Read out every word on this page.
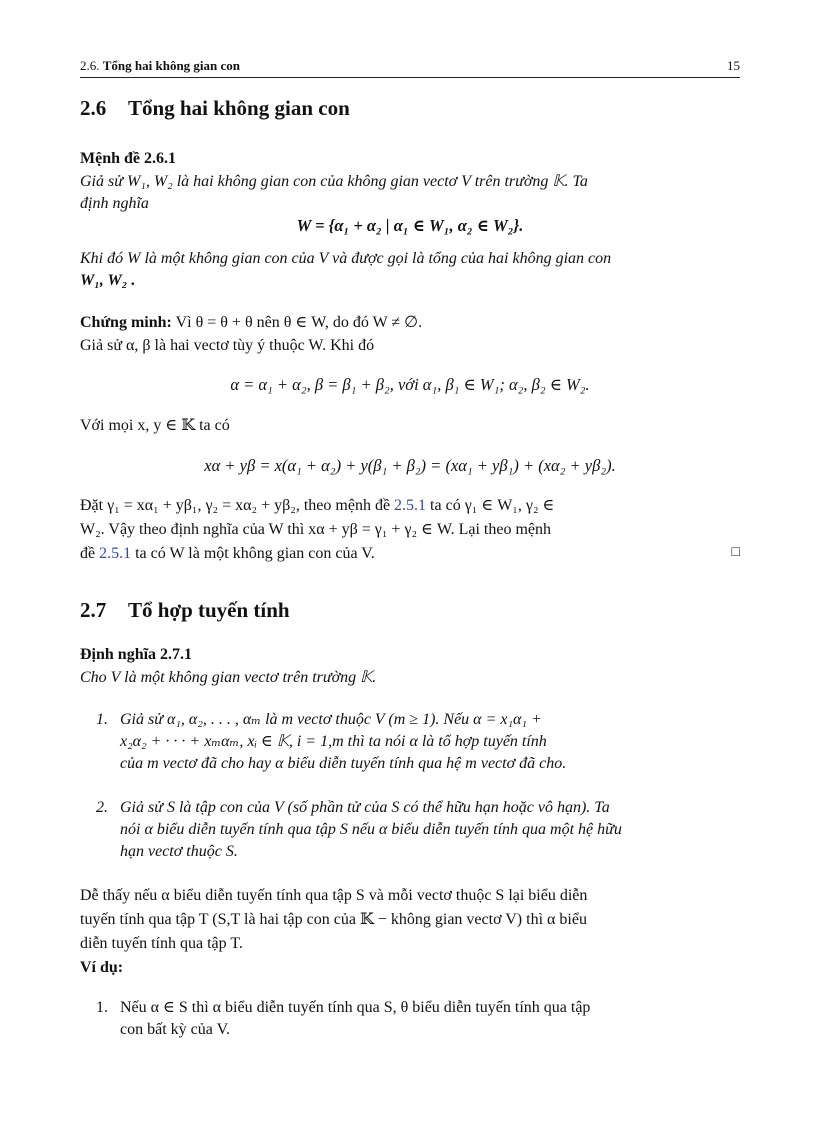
2.6. Tổng hai không gian con	15
2.6 Tổng hai không gian con
Mệnh đề 2.6.1
Giả sử W₁, W₂ là hai không gian con của không gian vectơ V trên trường 𝕂. Ta
định nghĩa
W = {α₁ + α₂ | α₁ ∈ W₁, α₂ ∈ W₂}.
Khi đó W là một không gian con của V và được gọi là tổng của hai không gian con
W₁, W₂ .
Chứng minh: Vì θ = θ + θ nên θ ∈ W, do đó W ≠ ∅.
Giả sử α, β là hai vectơ tùy ý thuộc W. Khi đó
α = α₁ + α₂, β = β₁ + β₂, với α₁, β₁ ∈ W₁; α₂, β₂ ∈ W₂.
Với mọi x, y ∈ 𝕂 ta có
xα + yβ = x(α₁ + α₂) + y(β₁ + β₂) = (xα₁ + yβ₁) + (xα₂ + yβ₂).
Đặt γ₁ = xα₁ + yβ₁, γ₂ = xα₂ + yβ₂, theo mệnh đề 2.5.1 ta có γ₁ ∈ W₁, γ₂ ∈
W₂. Vậy theo định nghĩa của W thì xα + yβ = γ₁ + γ₂ ∈ W. Lại theo mệnh
đề 2.5.1 ta có W là một không gian con của V.	□
2.7 Tổ hợp tuyến tính
Định nghĩa 2.7.1
Cho V là một không gian vectơ trên trường 𝕂.
1. Giả sử α₁, α₂, . . . , αₘ là m vectơ thuộc V (m ≥ 1). Nếu α = x₁α₁ +
x₂α₂ + · · · + xₘαₘ, xᵢ ∈ 𝕂, i = 1,m thì ta nói α là tổ hợp tuyến tính
của m vectơ đã cho hay α biểu diễn tuyến tính qua hệ m vectơ đã cho.
2. Giả sử S là tập con của V (số phần tử của S có thể hữu hạn hoặc vô hạn). Ta
nói α biểu diễn tuyến tính qua tập S nếu α biểu diễn tuyến tính qua một hệ hữu
hạn vectơ thuộc S.
Dễ thấy nếu α biểu diễn tuyến tính qua tập S và mỗi vectơ thuộc S lại biểu diễn
tuyến tính qua tập T (S,T là hai tập con của 𝕂 − không gian vectơ V) thì α biểu
diễn tuyến tính qua tập T.
Ví dụ:
1. Nếu α ∈ S thì α biểu diễn tuyến tính qua S, θ biểu diễn tuyến tính qua tập
con bất kỳ của V.
